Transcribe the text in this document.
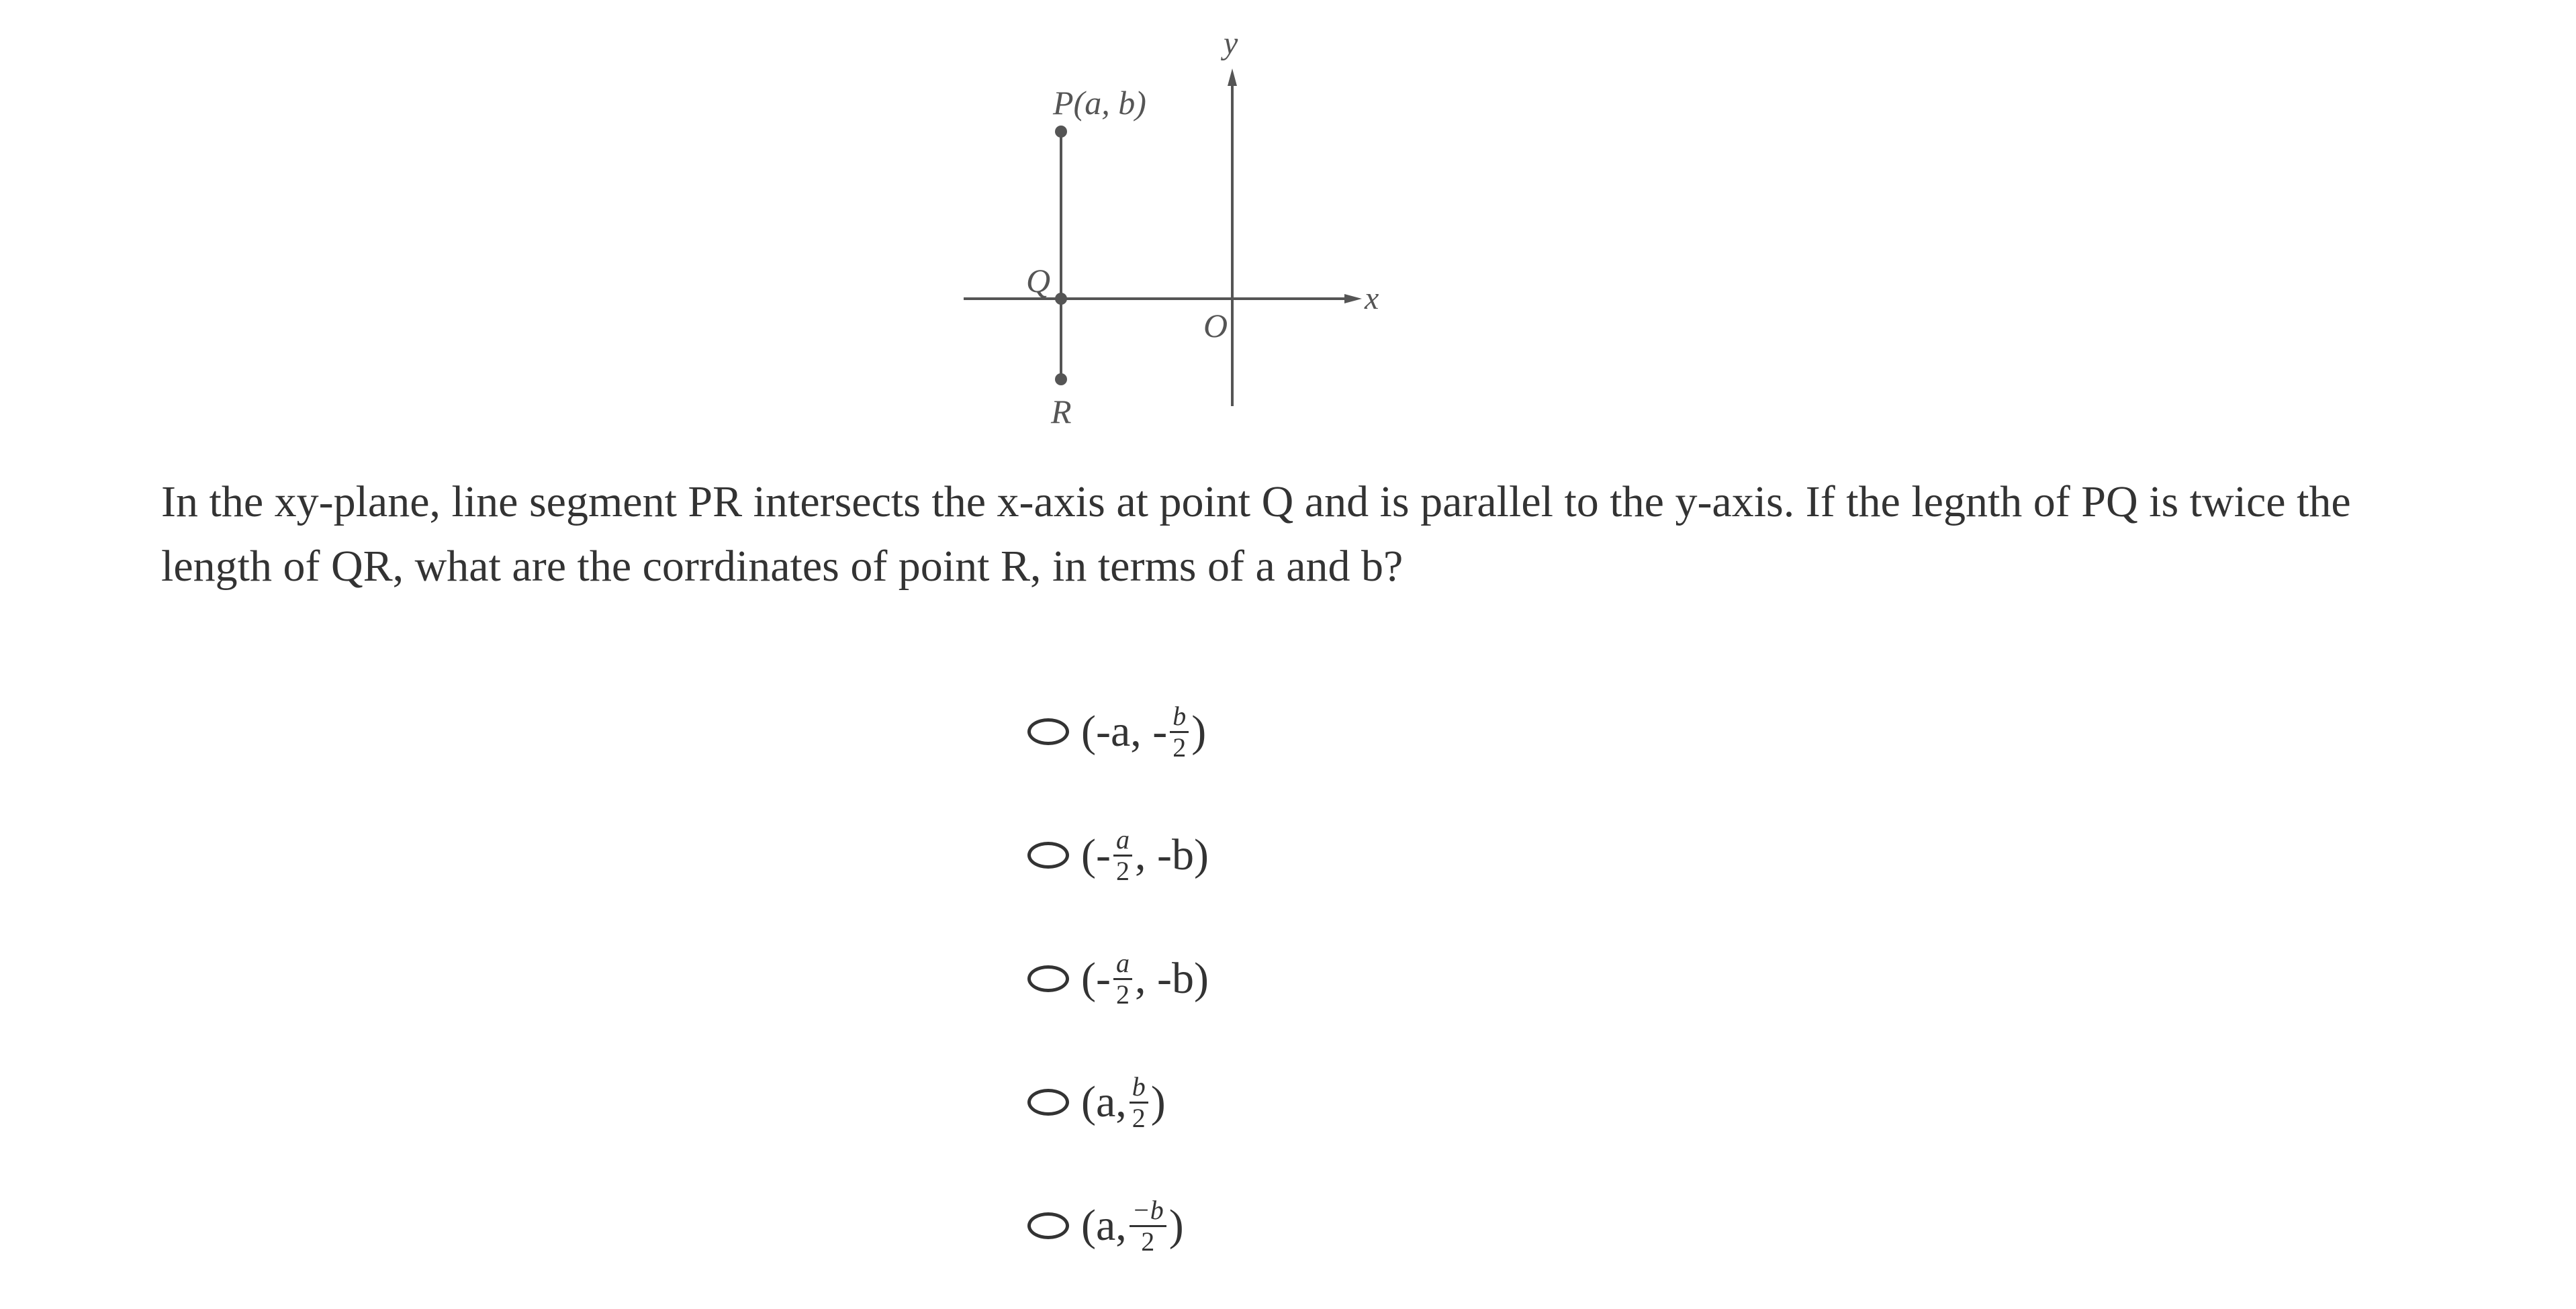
P(a, b)
Q
R
O
x
y
In the xy-plane, line segment PR intersects the x-axis at point Q and is parallel to the y-axis. If the legnth of PQ is twice the
length of QR, what are the corrdinates of point R, in terms of a and b?
(-a, - $\frac{b}{2}$ )
(- $\frac{a}{2}$ , -b)
(- $\frac{a}{2}$ , -b)
(a, $\frac{b}{2}$ )
(a, $\frac{-b}{2}$ )
